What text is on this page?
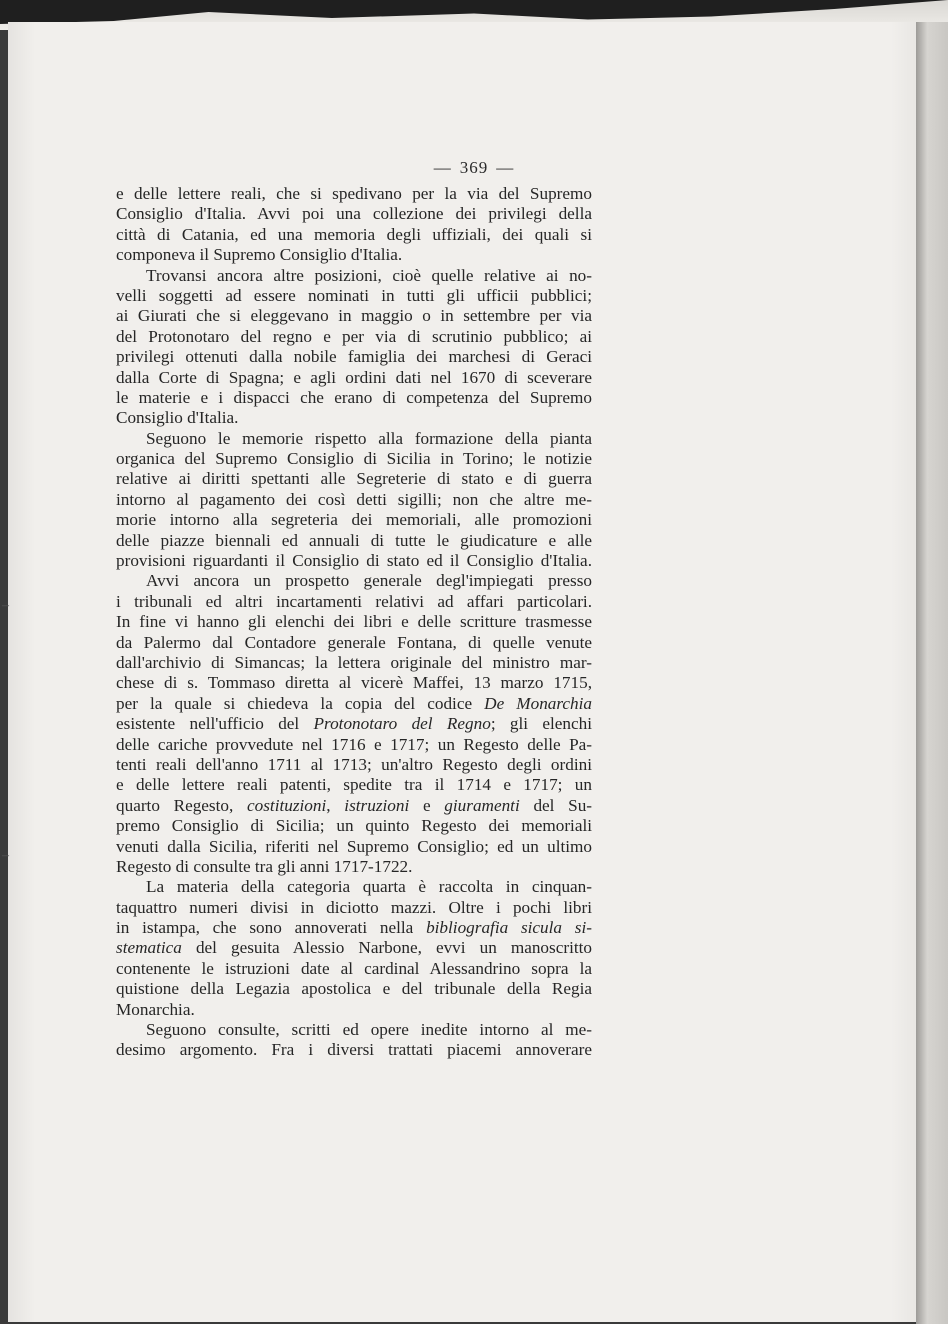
— 369 —
–
–
e delle lettere reali, che si spedivano per la via del Supremo
Consiglio d'Italia. Avvi poi una collezione dei privilegi della
città di Catania, ed una memoria degli uffiziali, dei quali si
componeva il Supremo Consiglio d'Italia.
Trovansi ancora altre posizioni, cioè quelle relative ai no-
velli soggetti ad essere nominati in tutti gli ufficii pubblici;
ai Giurati che si eleggevano in maggio o in settembre per via
del Protonotaro del regno e per via di scrutinio pubblico; ai
privilegi ottenuti dalla nobile famiglia dei marchesi di Geraci
dalla Corte di Spagna; e agli ordini dati nel 1670 di sceverare
le materie e i dispacci che erano di competenza del Supremo
Consiglio d'Italia.
Seguono le memorie rispetto alla formazione della pianta
organica del Supremo Consiglio di Sicilia in Torino; le notizie
relative ai diritti spettanti alle Segreterie di stato e di guerra
intorno al pagamento dei così detti sigilli; non che altre me-
morie intorno alla segreteria dei memoriali, alle promozioni
delle piazze biennali ed annuali di tutte le giudicature e alle
provisioni riguardanti il Consiglio di stato ed il Consiglio d'Italia.
Avvi ancora un prospetto generale degl'impiegati presso
i tribunali ed altri incartamenti relativi ad affari particolari.
In fine vi hanno gli elenchi dei libri e delle scritture trasmesse
da Palermo dal Contadore generale Fontana, di quelle venute
dall'archivio di Simancas; la lettera originale del ministro mar-
chese di s. Tommaso diretta al vicerè Maffei, 13 marzo 1715,
per la quale si chiedeva la copia del codice De Monarchia
esistente nell'ufficio del Protonotaro del Regno; gli elenchi
delle cariche provvedute nel 1716 e 1717; un Regesto delle Pa-
tenti reali dell'anno 1711 al 1713; un'altro Regesto degli ordini
e delle lettere reali patenti, spedite tra il 1714 e 1717; un
quarto Regesto, costituzioni, istruzioni e giuramenti del Su-
premo Consiglio di Sicilia; un quinto Regesto dei memoriali
venuti dalla Sicilia, riferiti nel Supremo Consiglio; ed un ultimo
Regesto di consulte tra gli anni 1717-1722.
La materia della categoria quarta è raccolta in cinquan-
taquattro numeri divisi in diciotto mazzi. Oltre i pochi libri
in istampa, che sono annoverati nella bibliografia sicula si-
stematica del gesuita Alessio Narbone, evvi un manoscritto
contenente le istruzioni date al cardinal Alessandrino sopra la
quistione della Legazia apostolica e del tribunale della Regia
Monarchia.
Seguono consulte, scritti ed opere inedite intorno al me-
desimo argomento. Fra i diversi trattati piacemi annoverare
